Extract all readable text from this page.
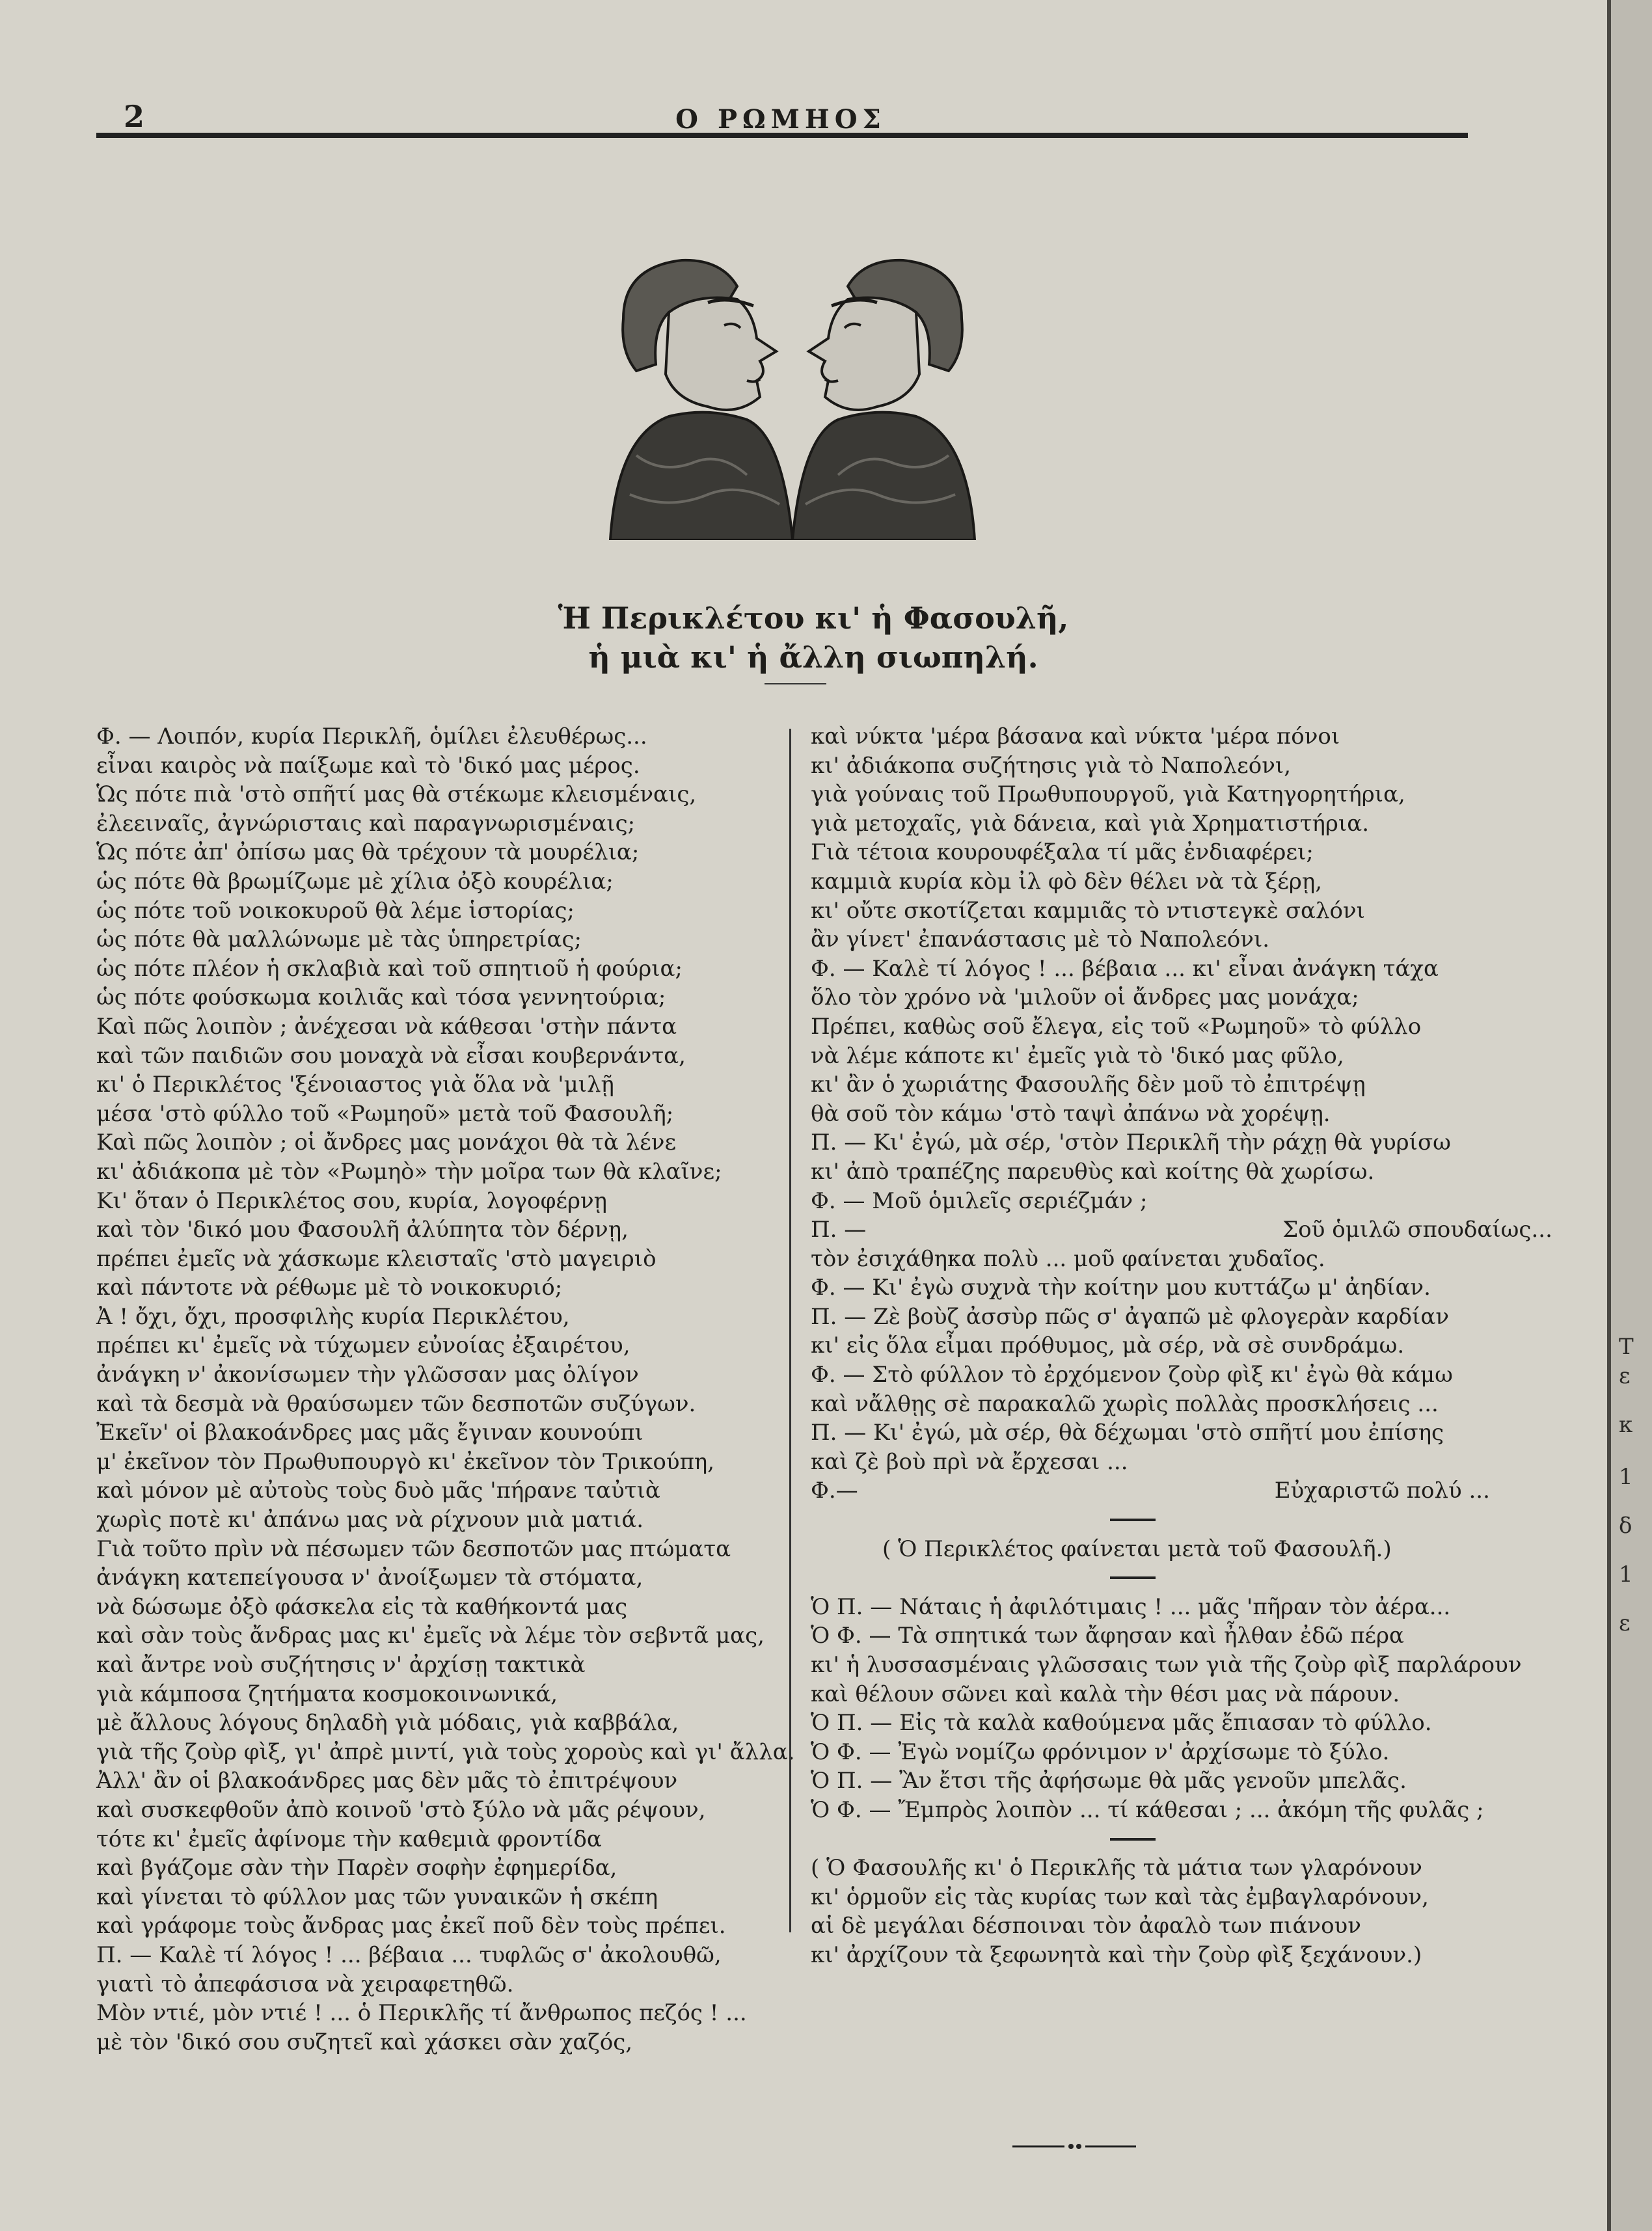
2	Ο ΡΩΜΗΟΣ
Ἡ Περικλέτου κι' ἡ Φασουλῆ,
ἡ μιὰ κι' ἡ ἄλλη σιωπηλή.
Φ. — Λοιπόν, κυρία Περικλῆ, ὁμίλει ἐλευθέρως...
εἶναι καιρὸς νὰ παίξωμε καὶ τὸ 'δικό μας μέρος.
Ὡς πότε πιὰ 'στὸ σπῆτί μας θὰ στέκωμε κλεισμέναις,
ἐλεειναῖς, ἀγνώρισταις καὶ παραγνωρισμέναις;
Ὡς πότε ἀπ' ὀπίσω μας θὰ τρέχουν τὰ μουρέλια;
ὡς πότε θὰ βρωμίζωμε μὲ χίλια ὀξὸ κουρέλια;
ὡς πότε τοῦ νοικοκυροῦ θὰ λέμε ἱστορίας;
ὡς πότε θὰ μαλλώνωμε μὲ τὰς ὑπηρετρίας;
ὡς πότε πλέον ἡ σκλαβιὰ καὶ τοῦ σπητιοῦ ἡ φούρια;
ὡς πότε φούσκωμα κοιλιᾶς καὶ τόσα γεννητούρια;
Καὶ πῶς λοιπὸν ; ἀνέχεσαι νὰ κάθεσαι 'στὴν πάντα
καὶ τῶν παιδιῶν σου μοναχὰ νὰ εἶσαι κουβερνάντα,
κι' ὁ Περικλέτος 'ξένοιαστος γιὰ ὅλα νὰ 'μιλῇ
μέσα 'στὸ φύλλο τοῦ «Ρωμηοῦ» μετὰ τοῦ Φασουλῆ;
Καὶ πῶς λοιπὸν ; οἱ ἄνδρες μας μονάχοι θὰ τὰ λένε
κι' ἀδιάκοπα μὲ τὸν «Ρωμηὸ» τὴν μοῖρα των θὰ κλαῖνε;
Κι' ὅταν ὁ Περικλέτος σου, κυρία, λογοφέρνῃ
καὶ τὸν 'δικό μου Φασουλῆ ἀλύπητα τὸν δέρνῃ,
πρέπει ἐμεῖς νὰ χάσκωμε κλεισταῖς 'στὸ μαγειριὸ
καὶ πάντοτε νὰ ρέθωμε μὲ τὸ νοικοκυριό;
Ἀ ! ὄχι, ὄχι, προσφιλὴς κυρία Περικλέτου,
πρέπει κι' ἐμεῖς νὰ τύχωμεν εὐνοίας ἐξαιρέτου,
ἀνάγκη ν' ἀκονίσωμεν τὴν γλῶσσαν μας ὀλίγον
καὶ τὰ δεσμὰ νὰ θραύσωμεν τῶν δεσποτῶν συζύγων.
Ἐκεῖν' οἱ βλακοάνδρες μας μᾶς ἔγιναν κουνούπι
μ' ἐκεῖνον τὸν Πρωθυπουργὸ κι' ἐκεῖνον τὸν Τρικούπη,
καὶ μόνον μὲ αὐτοὺς τοὺς δυὸ μᾶς 'πήρανε ταὐτιὰ
χωρὶς ποτὲ κι' ἀπάνω μας νὰ ρίχνουν μιὰ ματιά.
Γιὰ τοῦτο πρὶν νὰ πέσωμεν τῶν δεσποτῶν μας πτώματα
ἀνάγκη κατεπείγουσα ν' ἀνοίξωμεν τὰ στόματα,
νὰ δώσωμε ὀξὸ φάσκελα εἰς τὰ καθήκοντά μας
καὶ σὰν τοὺς ἄνδρας μας κι' ἐμεῖς νὰ λέμε τὸν σεβντᾶ μας,
καὶ ἄντρε νοὺ συζήτησις ν' ἀρχίσῃ τακτικὰ
γιὰ κάμποσα ζητήματα κοσμοκοινωνικά,
μὲ ἄλλους λόγους δηλαδὴ γιὰ μόδαις, γιὰ καββάλα,
γιὰ τῆς ζοὺρ φὶξ, γι' ἀπρὲ μιντί, γιὰ τοὺς χοροὺς καὶ γι' ἄλλα.
Ἀλλ' ἂν οἱ βλακοάνδρες μας δὲν μᾶς τὸ ἐπιτρέψουν
καὶ συσκεφθοῦν ἀπὸ κοινοῦ 'στὸ ξύλο νὰ μᾶς ρέψουν,
τότε κι' ἐμεῖς ἀφίνομε τὴν καθεμιὰ φροντίδα
καὶ βγάζομε σὰν τὴν Παρὲν σοφὴν ἐφημερίδα,
καὶ γίνεται τὸ φύλλον μας τῶν γυναικῶν ἡ σκέπη
καὶ γράφομε τοὺς ἄνδρας μας ἐκεῖ ποῦ δὲν τοὺς πρέπει.
Π. — Καλὲ τί λόγος ! ... βέβαια ... τυφλῶς σ' ἀκολουθῶ,
γιατὶ τὸ ἀπεφάσισα νὰ χειραφετηθῶ.
Μὸν ντιέ, μὸν ντιέ ! ... ὁ Περικλῆς τί ἄνθρωπος πεζός ! ...
μὲ τὸν 'δικό σου συζητεῖ καὶ χάσκει σὰν χαζός,
καὶ νύκτα 'μέρα βάσανα καὶ νύκτα 'μέρα πόνοι
κι' ἀδιάκοπα συζήτησις γιὰ τὸ Ναπολεόνι,
γιὰ γούναις τοῦ Πρωθυπουργοῦ, γιὰ Κατηγορητήρια,
γιὰ μετοχαῖς, γιὰ δάνεια, καὶ γιὰ Χρηματιστήρια.
Γιὰ τέτοια κουρουφέξαλα τί μᾶς ἐνδιαφέρει;
καμμιὰ κυρία κὸμ ἰλ φὸ δὲν θέλει νὰ τὰ ξέρῃ,
κι' οὔτε σκοτίζεται καμμιᾶς τὸ ντιστεγκὲ σαλόνι
ἂν γίνετ' ἐπανάστασις μὲ τὸ Ναπολεόνι.
Φ. — Καλὲ τί λόγος ! ... βέβαια ... κι' εἶναι ἀνάγκη τάχα
ὅλο τὸν χρόνο νὰ 'μιλοῦν οἱ ἄνδρες μας μονάχα;
Πρέπει, καθὼς σοῦ ἔλεγα, εἰς τοῦ «Ρωμηοῦ» τὸ φύλλο
νὰ λέμε κάποτε κι' ἐμεῖς γιὰ τὸ 'δικό μας φῦλο,
κι' ἂν ὁ χωριάτης Φασουλῆς δὲν μοῦ τὸ ἐπιτρέψῃ
θὰ σοῦ τὸν κάμω 'στὸ ταψὶ ἀπάνω νὰ χορέψῃ.
Π. — Κι' ἐγώ, μὰ σέρ, 'στὸν Περικλῆ τὴν ράχῃ θὰ γυρίσω
κι' ἀπὸ τραπέζης παρευθὺς καὶ κοίτης θὰ χωρίσω.
Φ. — Μοῦ ὁμιλεῖς σεριέζμάν ;
Π. —	Σοῦ ὁμιλῶ σπουδαίως...
τὸν ἐσιχάθηκα πολὺ ... μοῦ φαίνεται χυδαῖος.
Φ. — Κι' ἐγὼ συχνὰ τὴν κοίτην μου κυττάζω μ' ἀηδίαν.
Π. — Ζὲ βοὺζ ἀσσὺρ πῶς σ' ἀγαπῶ μὲ φλογερὰν καρδίαν
κι' εἰς ὅλα εἶμαι πρόθυμος, μὰ σέρ, νὰ σὲ συνδράμω.
Φ. — Στὸ φύλλον τὸ ἐρχόμενον ζοὺρ φὶξ κι' ἐγὼ θὰ κάμω
καὶ νἄλθῃς σὲ παρακαλῶ χωρὶς πολλὰς προσκλήσεις ...
Π. — Κι' ἐγώ, μὰ σέρ, θὰ δέχωμαι 'στὸ σπῆτί μου ἐπίσης
καὶ ζὲ βοὺ πρὶ νὰ ἔρχεσαι ...
Φ.—	Εὐχαριστῶ πολύ ...
( Ὁ Περικλέτος φαίνεται μετὰ τοῦ Φασουλῆ.)
Ὁ Π. — Νάταις ἡ ἀφιλότιμαις ! ... μᾶς 'πῆραν τὸν ἀέρα...
Ὁ Φ. — Τὰ σπητικά των ἄφησαν καὶ ἦλθαν ἐδῶ πέρα
κι' ἡ λυσσασμέναις γλῶσσαις των γιὰ τῆς ζοὺρ φὶξ παρλάρουν
καὶ θέλουν σῶνει καὶ καλὰ τὴν θέσι μας νὰ πάρουν.
Ὁ Π. — Εἰς τὰ καλὰ καθούμενα μᾶς ἔπιασαν τὸ φύλλο.
Ὁ Φ. — Ἐγὼ νομίζω φρόνιμον ν' ἀρχίσωμε τὸ ξύλο.
Ὁ Π. — Ἂν ἔτσι τῆς ἀφήσωμε θὰ μᾶς γενοῦν μπελᾶς.
Ὁ Φ. — Ἔμπρὸς λοιπὸν ... τί κάθεσαι ; ... ἀκόμη τῆς φυλᾶς ;
( Ὁ Φασουλῆς κι' ὁ Περικλῆς τὰ μάτια των γλαρόνουν
κι' ὁρμοῦν εἰς τὰς κυρίας των καὶ τὰς ἐμβαγλαρόνουν,
αἱ δὲ μεγάλαι δέσποιναι τὸν ἀφαλὸ των πιάνουν
κι' ἀρχίζουν τὰ ξεφωνητὰ καὶ τὴν ζοὺρ φὶξ ξεχάνουν.)
Τ
ε
κ
1
δ
1
ε
